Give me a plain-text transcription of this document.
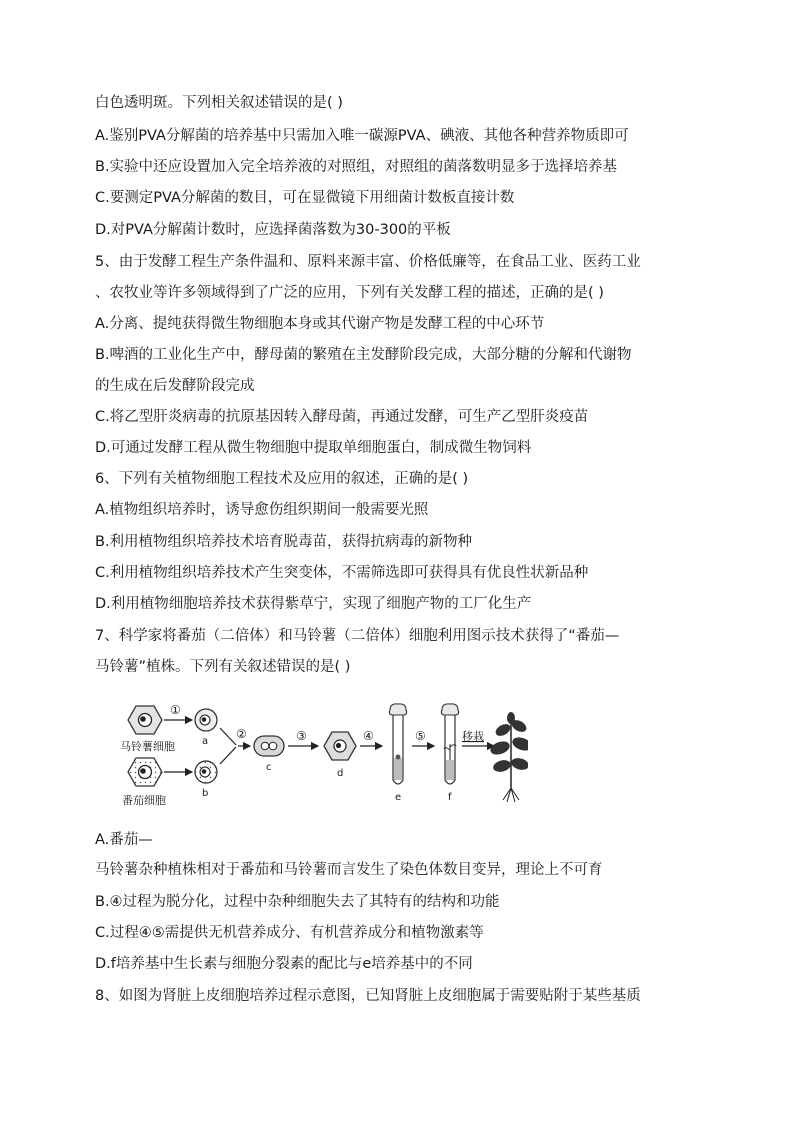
白色透明斑。下列相关叙述错误的是( )
A.鉴别PVA分解菌的培养基中只需加入唯一碳源PVA、碘液、其他各种营养物质即可
B.实验中还应设置加入完全培养液的对照组，对照组的菌落数明显多于选择培养基
C.要测定PVA分解菌的数目，可在显微镜下用细菌计数板直接计数
D.对PVA分解菌计数时，应选择菌落数为30-300的平板
5、由于发酵工程生产条件温和、原料来源丰富、价格低廉等，在食品工业、医药工业
、农牧业等许多领域得到了广泛的应用，下列有关发酵工程的描述，正确的是( )
A.分离、提纯获得微生物细胞本身或其代谢产物是发酵工程的中心环节
B.啤酒的工业化生产中，酵母菌的繁殖在主发酵阶段完成，大部分糖的分解和代谢物
的生成在后发酵阶段完成
C.将乙型肝炎病毒的抗原基因转入酵母菌，再通过发酵，可生产乙型肝炎疫苗
D.可通过发酵工程从微生物细胞中提取单细胞蛋白，制成微生物饲料
6、下列有关植物细胞工程技术及应用的叙述，正确的是( )
A.植物组织培养时，诱导愈伤组织期间一般需要光照
B.利用植物组织培养技术培育脱毒苗，获得抗病毒的新物种
C.利用植物组织培养技术产生突变体，不需筛选即可获得具有优良性状新品种
D.利用植物细胞培养技术获得紫草宁，实现了细胞产物的工厂化生产
7、科学家将番茄（二倍体）和马铃薯（二倍体）细胞利用图示技术获得了“番茄—
马铃薯”植株。下列有关叙述错误的是( )
马铃薯细胞
番茄细胞
①
a
b
②
c
③
d
④
e
⑤
f
移栽
A.番茄—
马铃薯杂种植株相对于番茄和马铃薯而言发生了染色体数目变异，理论上不可育
B.④过程为脱分化，过程中杂种细胞失去了其特有的结构和功能
C.过程④⑤需提供无机营养成分、有机营养成分和植物激素等
D.f培养基中生长素与细胞分裂素的配比与e培养基中的不同
8、如图为肾脏上皮细胞培养过程示意图，已知肾脏上皮细胞属于需要贴附于某些基质
